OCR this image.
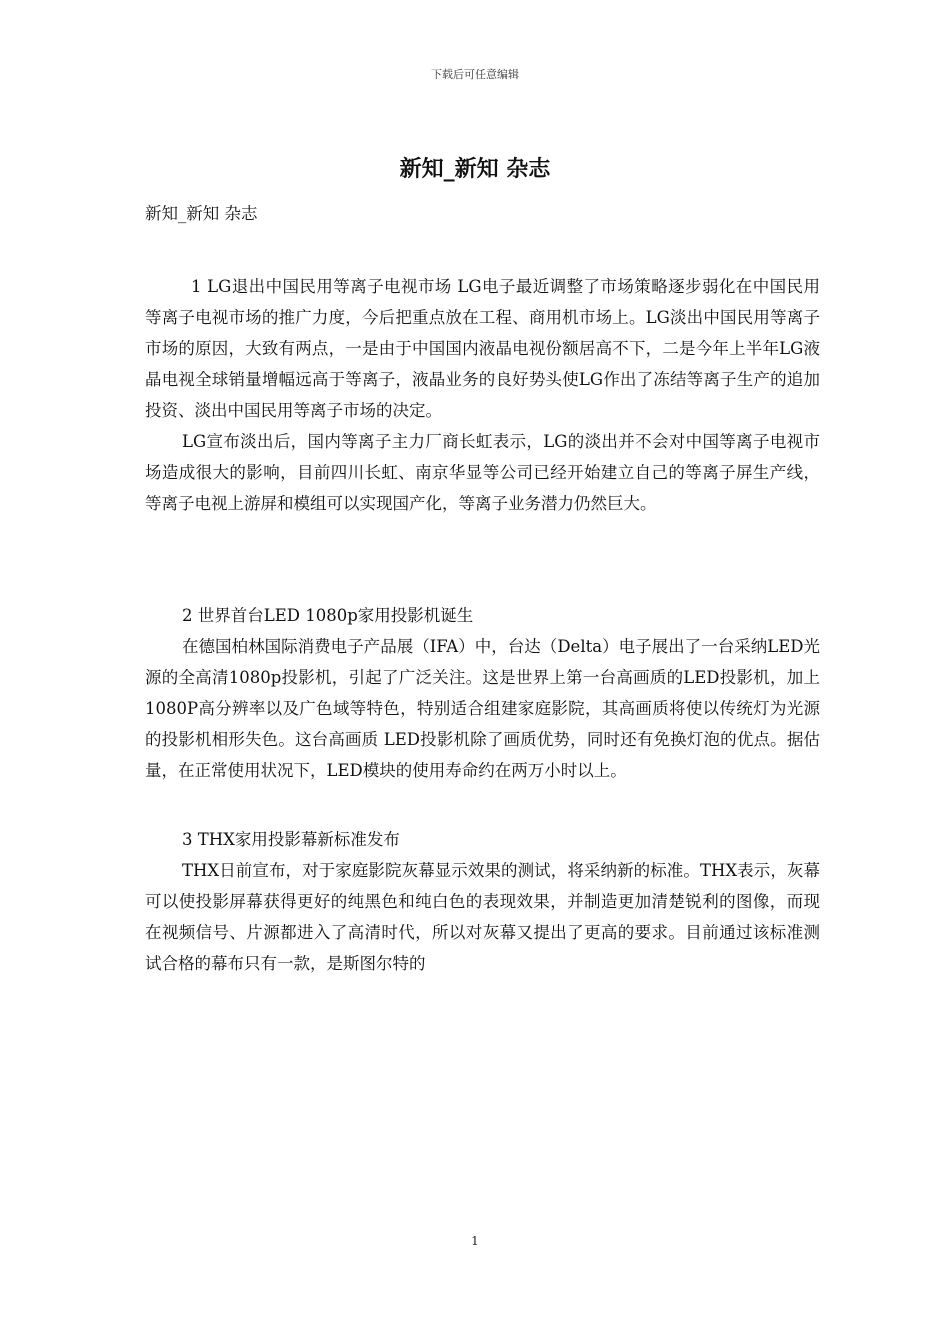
下载后可任意编辑
新知_新知 杂志

新知_新知 杂志

1 LG退出中国民用等离子电视市场 LG电子最近调整了市场策略逐步弱化在中国民用等离子电视市场的推广力度，今后把重点放在工程、商用机市场上。LG淡出中国民用等离子市场的原因，大致有两点，一是由于中国国内液晶电视份额居高不下，二是今年上半年LG液晶电视全球销量增幅远高于等离子，液晶业务的良好势头使LG作出了冻结等离子生产的追加投资、淡出中国民用等离子市场的决定。

LG宣布淡出后，国内等离子主力厂商长虹表示，LG的淡出并不会对中国等离子电视市场造成很大的影响，目前四川长虹、南京华显等公司已经开始建立自己的等离子屏生产线，等离子电视上游屏和模组可以实现国产化，等离子业务潜力仍然巨大。

2 世界首台LED 1080p家用投影机诞生

在德国柏林国际消费电子产品展（IFA）中，台达（Delta）电子展出了一台采纳LED光源的全高清1080p投影机，引起了广泛关注。这是世界上第一台高画质的LED投影机，加上1080P高分辨率以及广色域等特色，特别适合组建家庭影院，其高画质将使以传统灯为光源的投影机相形失色。这台高画质 LED投影机除了画质优势，同时还有免换灯泡的优点。据估量，在正常使用状况下，LED模块的使用寿命约在两万小时以上。

3 THX家用投影幕新标准发布

THX日前宣布，对于家庭影院灰幕显示效果的测试，将采纳新的标准。THX表示，灰幕可以使投影屏幕获得更好的纯黑色和纯白色的表现效果，并制造更加清楚锐利的图像，而现在视频信号、片源都进入了高清时代，所以对灰幕又提出了更高的要求。目前通过该标准测试合格的幕布只有一款，是斯图尔特的

1
